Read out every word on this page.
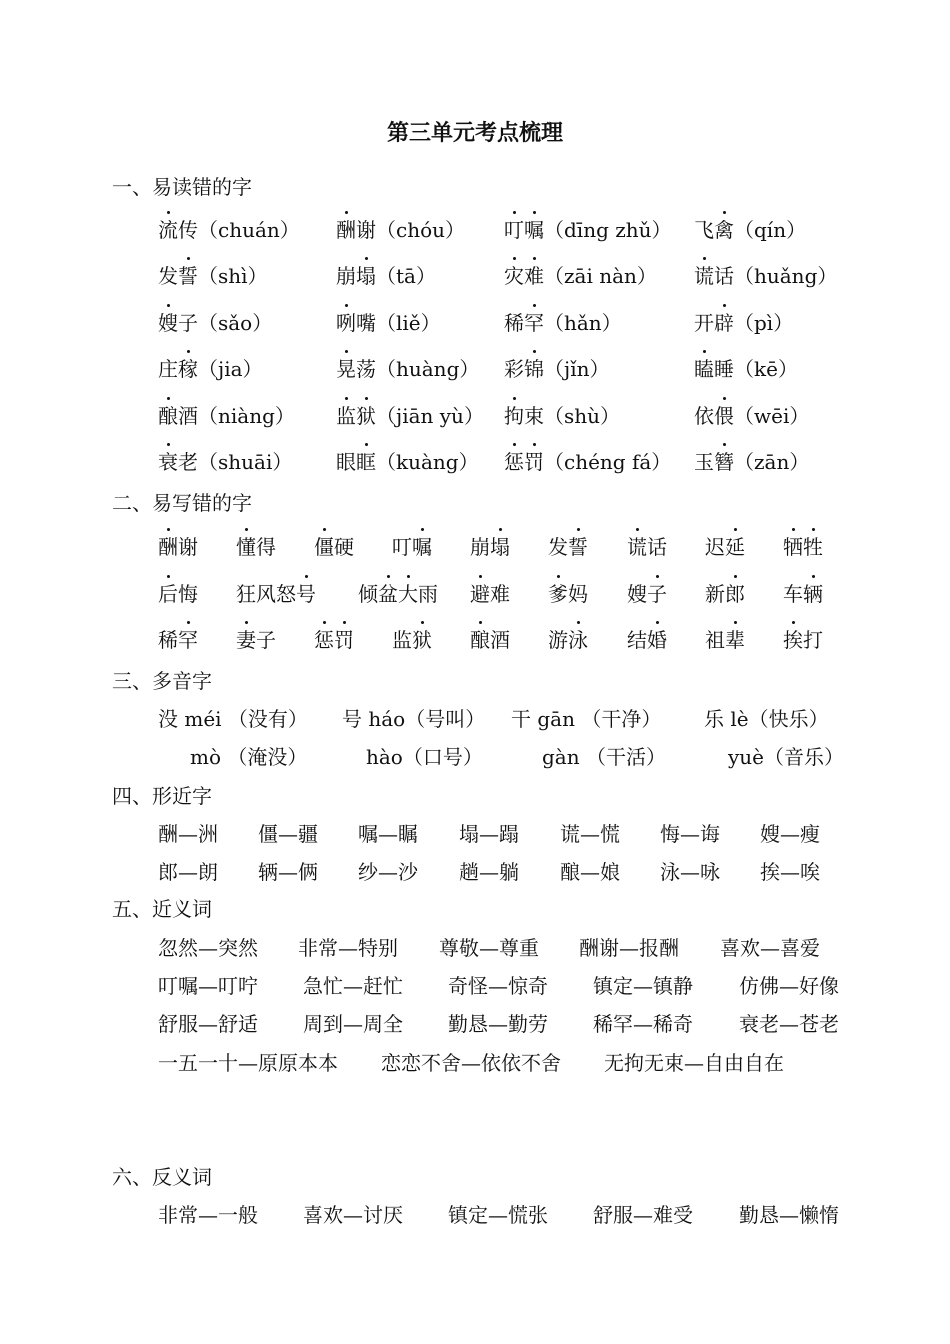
第三单元考点梳理
一、易读错的字
流传（chuán） 酬谢（chóu） 叮嘱（dīng zhǔ） 飞禽（qín）
发誓（shì）	崩塌（tā）	灾难（zāi nàn） 谎话（huǎng）
嫂子（sǎo）	咧嘴（liě）	稀罕（hǎn）	开辟（pì）
庄稼（jia）	晃荡（huàng） 彩锦（jǐn）	瞌睡（kē）
酿酒（niàng） 监狱（jiān yù） 拘束（shù）	依偎（wēi）
衰老（shuāi） 眼眶（kuàng） 惩罚（chéng fá） 玉簪（zān）
二、易写错的字
酬谢 懂得 僵硬 叮嘱 崩塌 发誓 谎话 迟延 牺牲
后悔 狂风怒号 倾盆大雨 避难 爹妈 嫂子 新郎 车辆
稀罕 妻子 惩罚 监狱 酿酒 游泳 结婚 祖辈 挨打
三、多音字
没 méi （没有） 号 háo（号叫） 干 gān （干净） 乐 lè（快乐）
mò （淹没）	hào（口号）	gàn （干活）	yuè（音乐）
四、形近字
酬—洲 僵—疆 嘱—瞩 塌—蹋 谎—慌 悔—诲 嫂—瘦
郎—朗 辆—俩 纱—沙 趟—躺 酿—娘 泳—咏 挨—唉
五、近义词
忽然—突然 非常—特别 尊敬—尊重 酬谢—报酬 喜欢—喜爱
叮嘱—叮咛 急忙—赶忙 奇怪—惊奇 镇定—镇静 仿佛—好像
舒服—舒适 周到—周全 勤恳—勤劳 稀罕—稀奇 衰老—苍老
一五一十—原原本本 恋恋不舍—依依不舍 无拘无束—自由自在
六、反义词
非常—一般 喜欢—讨厌 镇定—慌张 舒服—难受 勤恳—懒惰
